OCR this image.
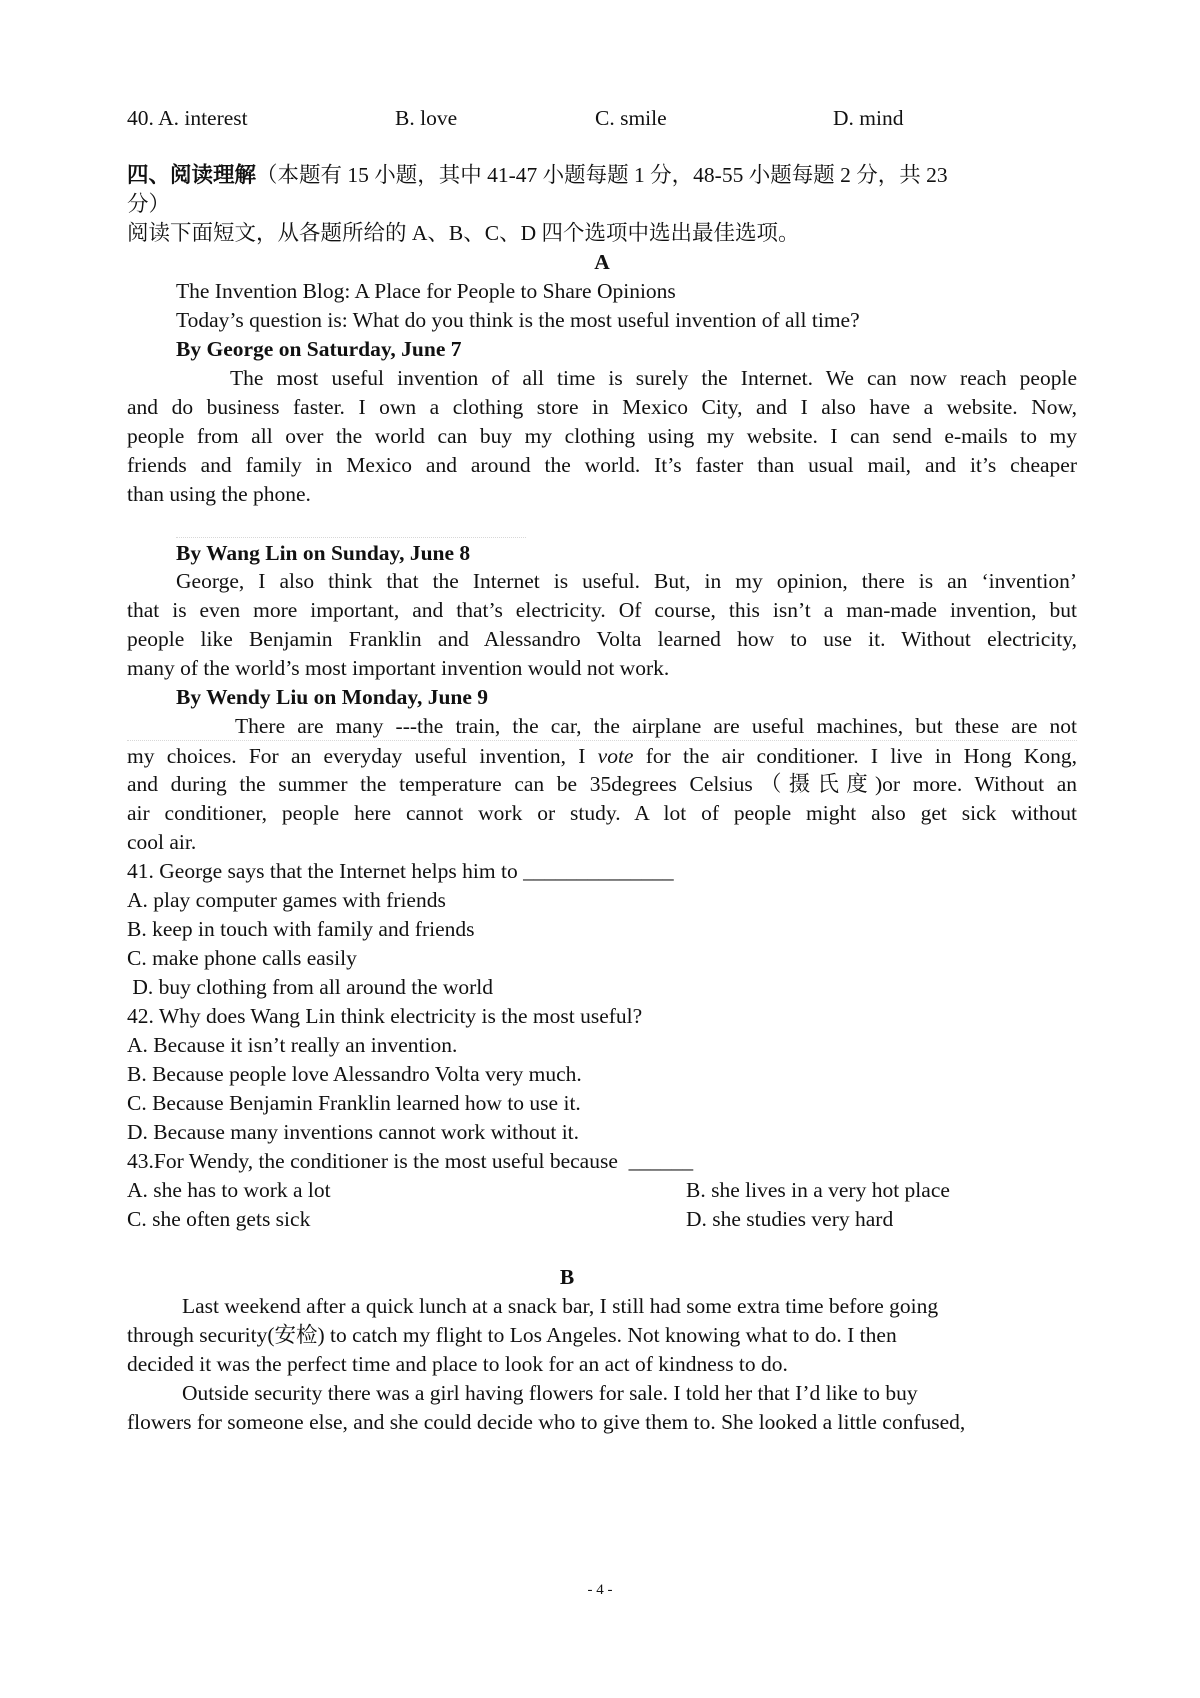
40. A. interest	B. love	C. smile	D. mind
四、阅读理解（本题有 15 小题，其中 41-47 小题每题 1 分，48-55 小题每题 2 分，共 23
分）
阅读下面短文，从各题所给的 A、B、C、D 四个选项中选出最佳选项。
A
The Invention Blog: A Place for People to Share Opinions
Today’s question is: What do you think is the most useful invention of all time?
By George on Saturday, June 7
The most useful invention of all time is surely the Internet. We can now reach people
and do business faster. I own a clothing store in Mexico City, and I also have a website. Now,
people from all over the world can buy my clothing using my website. I can send e-mails to my
friends and family in Mexico and around the world. It’s faster than usual mail, and it’s cheaper
than using the phone.
By Wang Lin on Sunday, June 8
George, I also think that the Internet is useful. But, in my opinion, there is an ‘invention’
that is even more important, and that’s electricity. Of course, this isn’t a man-made invention, but
people like Benjamin Franklin and Alessandro Volta learned how to use it. Without electricity,
many of the world’s most important invention would not work.
By Wendy Liu on Monday, June 9
There are many ---the train, the car, the airplane are useful machines, but these are not
my choices. For an everyday useful invention, I vote for the air conditioner. I live in Hong Kong,
and during the summer the temperature can be 35degrees Celsius（摄氏度)or more. Without an
air conditioner, people here cannot work or study. A lot of people might also get sick without
cool air.
41. George says that the Internet helps him to ______________
A. play computer games with friends
B. keep in touch with family and friends
C. make phone calls easily
D. buy clothing from all around the world
42. Why does Wang Lin think electricity is the most useful?
A. Because it isn’t really an invention.
B. Because people love Alessandro Volta very much.
C. Because Benjamin Franklin learned how to use it.
D. Because many inventions cannot work without it.
43.For Wendy, the conditioner is the most useful because  ______
A. she has to work a lot	B. she lives in a very hot place
C. she often gets sick	D. she studies very hard
B
Last weekend after a quick lunch at a snack bar, I still had some extra time before going
through security(安检) to catch my flight to Los Angeles. Not knowing what to do. I then
decided it was the perfect time and place to look for an act of kindness to do.
Outside security there was a girl having flowers for sale. I told her that I’d like to buy
flowers for someone else, and she could decide who to give them to. She looked a little confused,
- 4 -
